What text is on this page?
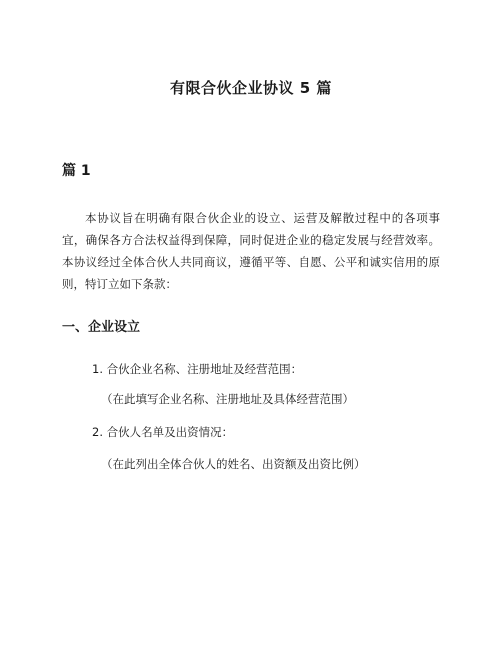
有限合伙企业协议 5 篇
篇 1

本协议旨在明确有限合伙企业的设立、运营及解散过程中的各项事宜，确保各方合法权益得到保障，同时促进企业的稳定发展与经营效率。本协议经过全体合伙人共同商议，遵循平等、自愿、公平和诚实信用的原则，特订立如下条款：

一、企业设立
1. 合伙企业名称、注册地址及经营范围：
（在此填写企业名称、注册地址及具体经营范围）
2. 合伙人名单及出资情况：
（在此列出全体合伙人的姓名、出资额及出资比例）
